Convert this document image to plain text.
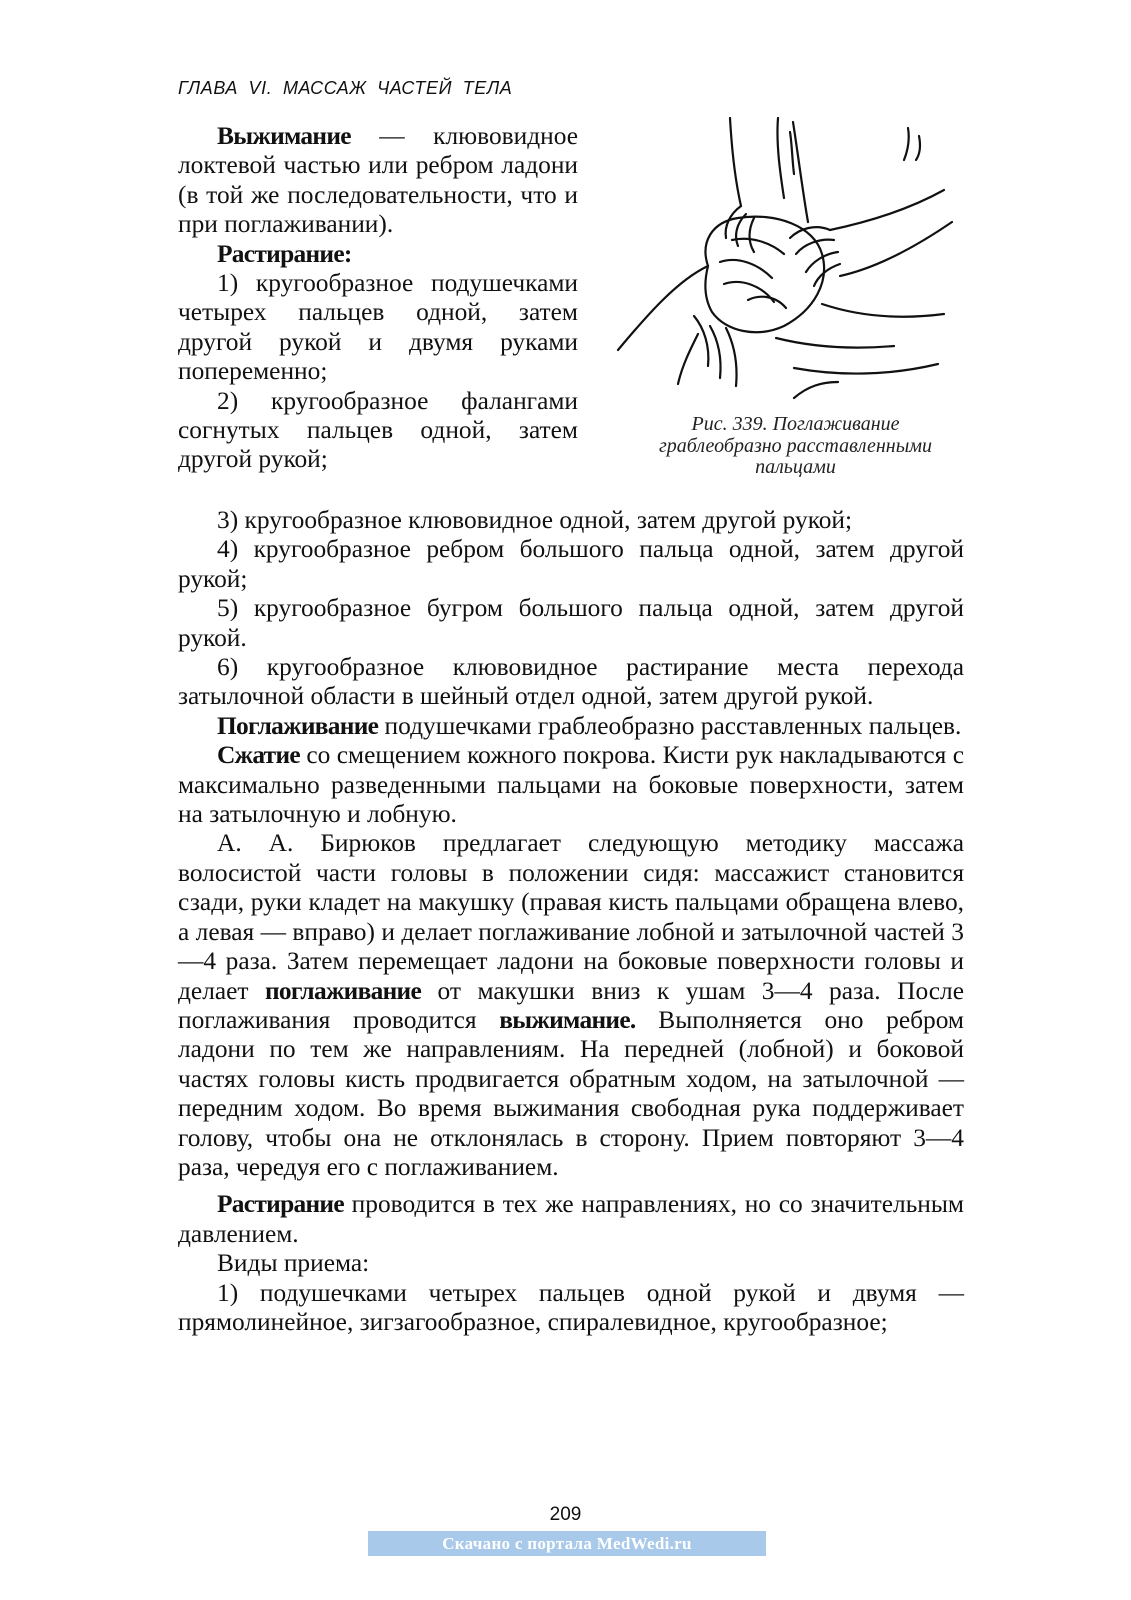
ГЛАВА VI. МАССАЖ ЧАСТЕЙ ТЕЛА

Выжимание — клювовидное локтевой частью или ребром ладони (в той же последовательности, что и при поглаживании).

Растирание:

1) кругообразное подушечками четырех пальцев одной, затем другой рукой и двумя руками попеременно;

2) кругообразное фалангами согнутых пальцев одной, затем другой рукой;

Рис. 339. Поглаживание
граблеобразно расставленными
пальцами

3) кругообразное клювовидное одной, затем другой рукой;

4) кругообразное ребром большого пальца одной, затем другой рукой;

5) кругообразное бугром большого пальца одной, затем другой рукой.

6) кругообразное клювовидное растирание места перехода затылочной области в шейный отдел одной, затем другой рукой.

Поглаживание подушечками граблеобразно расставленных пальцев.

Сжатие со смещением кожного покрова. Кисти рук накладываются с максимально разведенными пальцами на боковые поверхности, затем на затылочную и лобную.

А. А. Бирюков предлагает следующую методику массажа волосистой части головы в положении сидя: массажист становится сзади, руки кладет на макушку (правая кисть пальцами обращена влево, а левая — вправо) и делает поглаживание лобной и затылочной частей 3—4 раза. Затем перемещает ладони на боковые поверхности головы и делает поглаживание от макушки вниз к ушам 3—4 раза. После поглаживания проводится выжимание. Выполняется оно ребром ладони по тем же направлениям. На передней (лобной) и боковой частях головы кисть продвигается обратным ходом, на затылочной — передним ходом. Во время выжимания свободная рука поддерживает голову, чтобы она не отклонялась в сторону. Прием повторяют 3—4 раза, чередуя его с поглаживанием.

Растирание проводится в тех же направлениях, но со значительным давлением.

Виды приема:

1) подушечками четырех пальцев одной рукой и двумя — прямолинейное, зигзагообразное, спиралевидное, кругообразное;

209
Скачано с портала MedWedi.ru
